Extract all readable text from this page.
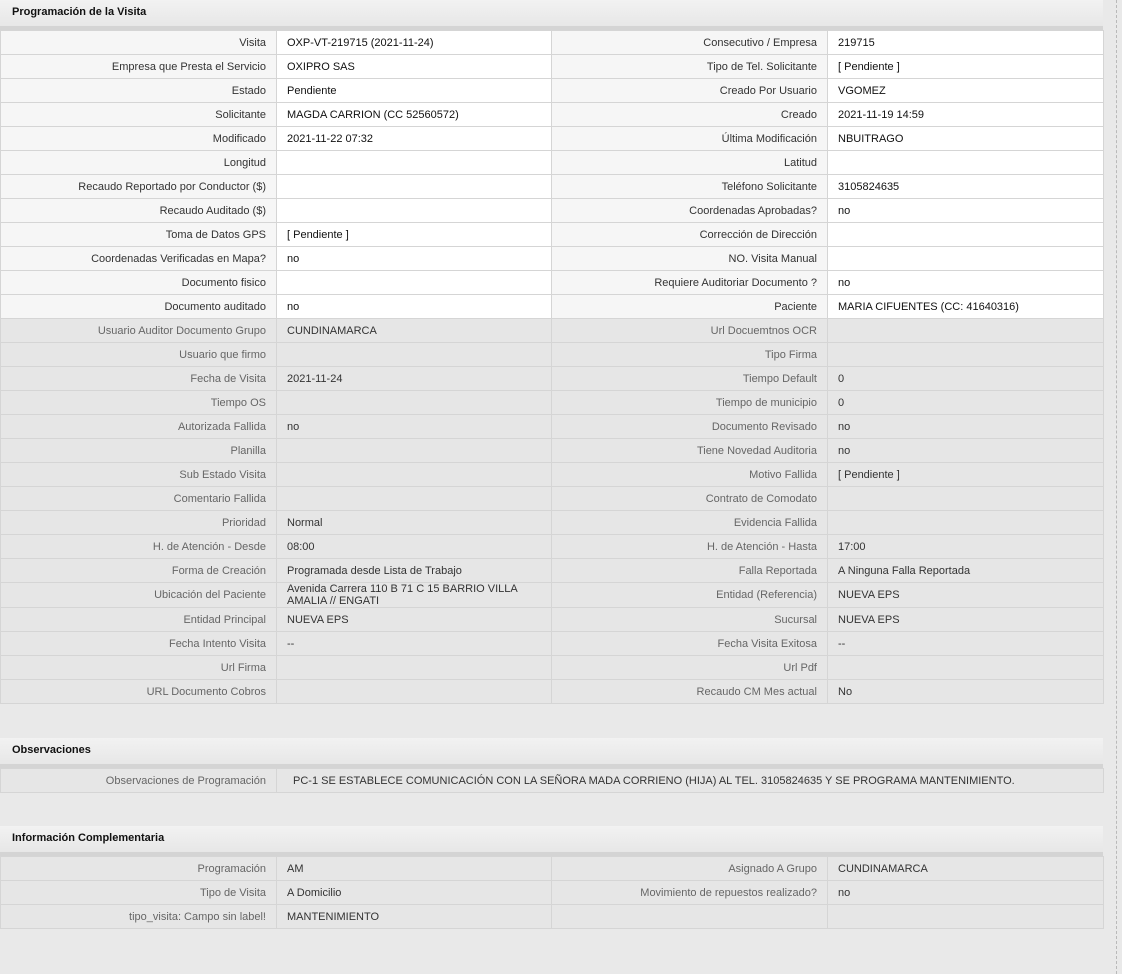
Programación de la Visita
Visita	OXP-VT-219715 (2021-11-24)	Consecutivo / Empresa	219715
Empresa que Presta el Servicio	OXIPRO SAS	Tipo de Tel. Solicitante	[ Pendiente ]
Estado	Pendiente	Creado Por Usuario	VGOMEZ
Solicitante	MAGDA CARRION (CC 52560572)	Creado	2021-11-19 14:59
Modificado	2021-11-22 07:32	Última Modificación	NBUITRAGO
Longitud		Latitud	
Recaudo Reportado por Conductor ($)		Teléfono Solicitante	3105824635
Recaudo Auditado ($)		Coordenadas Aprobadas?	no
Toma de Datos GPS	[ Pendiente ]	Corrección de Dirección	
Coordenadas Verificadas en Mapa?	no	NO. Visita Manual	
Documento fisico		Requiere Auditoriar Documento ?	no
Documento auditado	no	Paciente	MARIA CIFUENTES (CC: 41640316)
Usuario Auditor Documento Grupo	CUNDINAMARCA	Url Docuemtnos OCR	
Usuario que firmo		Tipo Firma	
Fecha de Visita	2021-11-24	Tiempo Default	0
Tiempo OS		Tiempo de municipio	0
Autorizada Fallida	no	Documento Revisado	no
Planilla		Tiene Novedad Auditoria	no
Sub Estado Visita		Motivo Fallida	[ Pendiente ]
Comentario Fallida		Contrato de Comodato	
Prioridad	Normal	Evidencia Fallida	
H. de Atención - Desde	08:00	H. de Atención - Hasta	17:00
Forma de Creación	Programada desde Lista de Trabajo	Falla Reportada	A Ninguna Falla Reportada
Ubicación del Paciente	Avenida Carrera 110 B 71 C 15 BARRIO VILLA AMALIA // ENGATI	Entidad (Referencia)	NUEVA EPS
Entidad Principal	NUEVA EPS	Sucursal	NUEVA EPS
Fecha Intento Visita	--	Fecha Visita Exitosa	--
Url Firma		Url Pdf	
URL Documento Cobros		Recaudo CM Mes actual	No
Observaciones
Observaciones de Programación	PC-1 SE ESTABLECE COMUNICACIÓN CON LA SEÑORA MADA CORRIENO (HIJA) AL TEL. 3105824635 Y SE PROGRAMA MANTENIMIENTO.
Información Complementaria
Programación	AM	Asignado A Grupo	CUNDINAMARCA
Tipo de Visita	A Domicilio	Movimiento de repuestos realizado?	no
tipo_visita: Campo sin label!	MANTENIMIENTO		
